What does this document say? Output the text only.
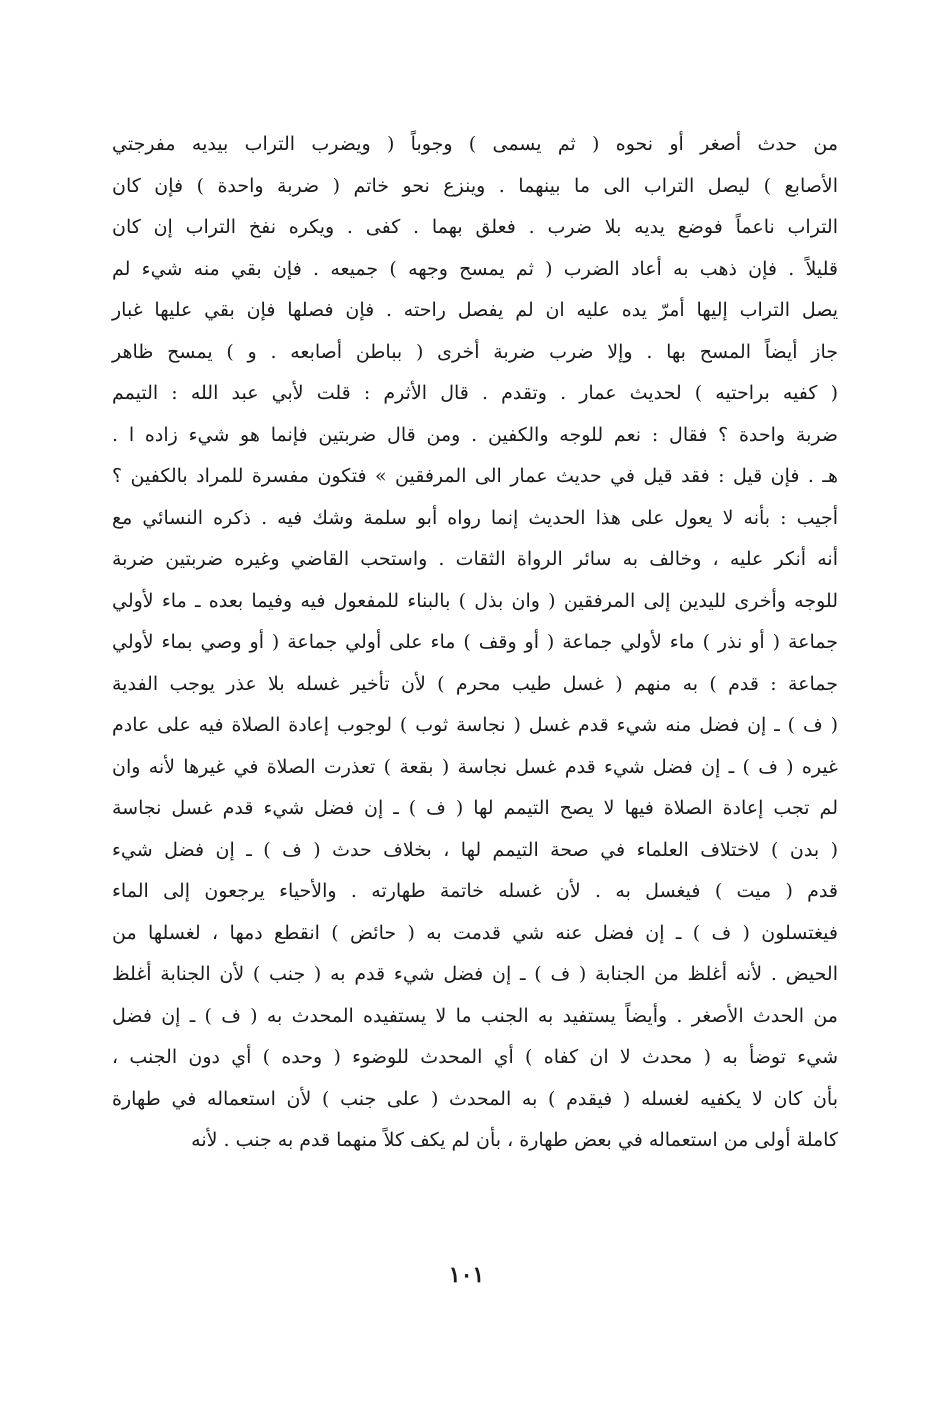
من حدث أصغر أو نحوه ( ثم يسمى ) وجوباً ( ويضرب التراب بيديه مفرجتي
الأصابع ) ليصل التراب الى ما بينهما . وينزع نحو خاتم ( ضربة واحدة ) فإن كان
التراب ناعماً فوضع يديه بلا ضرب . فعلق بهما . كفى . ويكره نفخ التراب إن كان
قليلاً . فإن ذهب به أعاد الضرب ( ثم يمسح وجهه ) جميعه . فإن بقي منه شيء لم
يصل التراب إليها أمرّ يده عليه ان لم يفصل راحته . فإن فصلها فإن بقي عليها غبار
جاز أيضاً المسح بها . وإلا ضرب ضربة أخرى ( بباطن أصابعه . و ) يمسح ظاهر
( كفيه براحتيه ) لحديث عمار . وتقدم . قال الأثرم : قلت لأبي عبد الله : التيمم
ضربة واحدة ؟ فقال : نعم للوجه والكفين . ومن قال ضربتين فإنما هو شيء زاده ا .
هـ . فإن قيل : فقد قيل في حديث عمار الى المرفقين » فتكون مفسرة للمراد بالكفين ؟
أجيب : بأنه لا يعول على هذا الحديث إنما رواه أبو سلمة وشك فيه . ذكره النسائي مع
أنه أنكر عليه ، وخالف به سائر الرواة الثقات . واستحب القاضي وغيره ضربتين ضربة
للوجه وأخرى لليدين إلى المرفقين ( وان بذل ) بالبناء للمفعول فيه وفيما بعده ـ ماء لأولي
جماعة ( أو نذر ) ماء لأولي جماعة ( أو وقف ) ماء على أولي جماعة ( أو وصي بماء لأولي
جماعة : قدم ) به منهم ( غسل طيب محرم ) لأن تأخير غسله بلا عذر يوجب الفدية
( ف ) ـ إن فضل منه شيء قدم غسل ( نجاسة ثوب ) لوجوب إعادة الصلاة فيه على عادم
غيره ( ف ) ـ إن فضل شيء قدم غسل نجاسة ( بقعة ) تعذرت الصلاة في غيرها لأنه وان
لم تجب إعادة الصلاة فيها لا يصح التيمم لها ( ف ) ـ إن فضل شيء قدم غسل نجاسة
( بدن ) لاختلاف العلماء في صحة التيمم لها ، بخلاف حدث ( ف ) ـ إن فضل شيء
قدم ( ميت ) فيغسل به . لأن غسله خاتمة طهارته . والأحياء يرجعون إلى الماء
فيغتسلون ( ف ) ـ إن فضل عنه شي قدمت به ( حائض ) انقطع دمها ، لغسلها من
الحيض . لأنه أغلظ من الجنابة ( ف ) ـ إن فضل شيء قدم به ( جنب ) لأن الجنابة أغلظ
من الحدث الأصغر . وأيضاً يستفيد به الجنب ما لا يستفيده المحدث به ( ف ) ـ إن فضل
شيء توضأ به ( محدث لا ان كفاه ) أي المحدث للوضوء ( وحده ) أي دون الجنب ،
بأن كان لا يكفيه لغسله ( فيقدم ) به المحدث ( على جنب ) لأن استعماله في طهارة
كاملة أولى من استعماله في بعض طهارة ، بأن لم يكف كلاً منهما قدم به جنب . لأنه
١٠١
